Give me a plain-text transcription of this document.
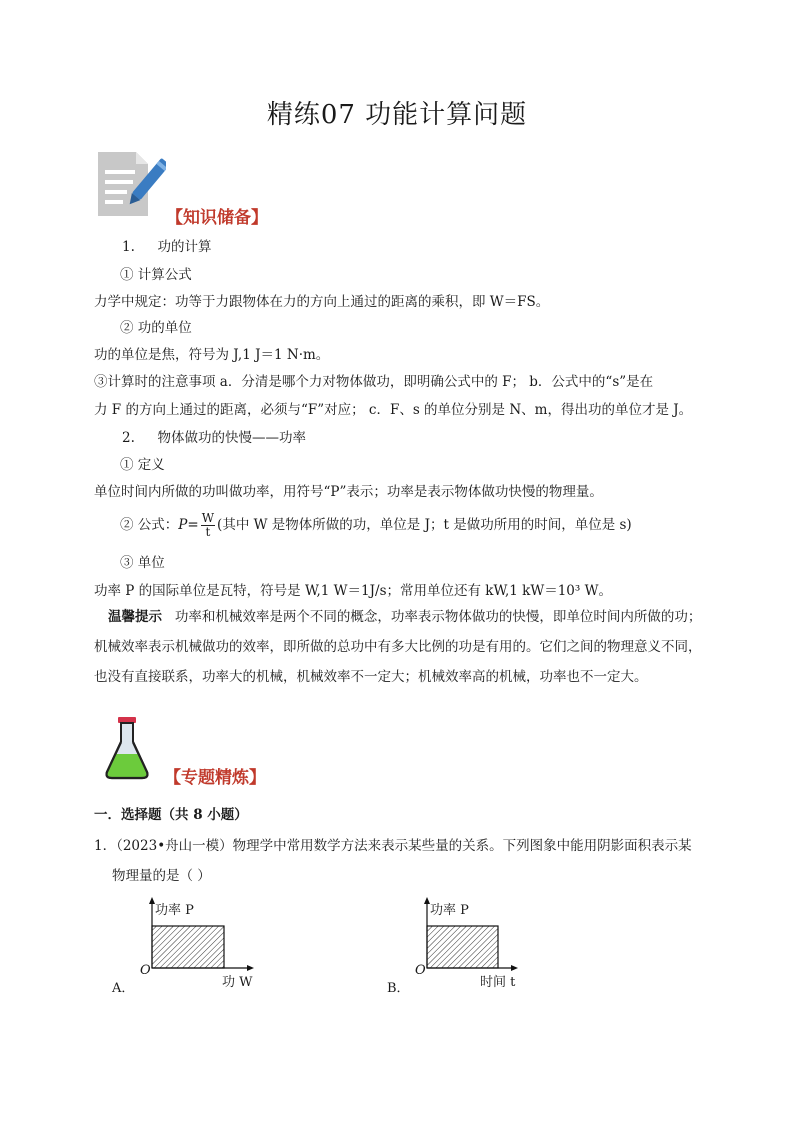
精练07 功能计算问题
【知识储备】
1. 功的计算
① 计算公式
力学中规定：功等于力跟物体在力的方向上通过的距离的乘积，即 W＝FS。
② 功的单位
功的单位是焦，符号为 J,1 J＝1 N·m。
③计算时的注意事项 a．分清是哪个力对物体做功，即明确公式中的 F； b．公式中的“s”是在
力 F 的方向上通过的距离，必须与“F”对应； c．F、s 的单位分别是 N、m，得出功的单位才是 J。
2. 物体做功的快慢——功率
① 定义
单位时间内所做的功叫做功率，用符号“P”表示；功率是表示物体做功快慢的物理量。
② 公式：$P= \frac{W}{t}$ (其中 W 是物体所做的功，单位是 J；t 是做功所用的时间，单位是 s)
③ 单位
功率 P 的国际单位是瓦特，符号是 W,1 W＝1J/s；常用单位还有 kW,1 kW＝10³ W。
温馨提示 功率和机械效率是两个不同的概念，功率表示物体做功的快慢，即单位时间内所做的功；机械效率表示机械做功的效率，即所做的总功中有多大比例的功是有用的。它们之间的物理意义不同，也没有直接联系，功率大的机械，机械效率不一定大；机械效率高的机械，功率也不一定大。
【专题精炼】
一．选择题（共 8 小题）
1．（2023•舟山一模）物理学中常用数学方法来表示某些量的关系。下列图象中能用阴影面积表示某
物理量的是（ ）
功率 P
O
功 W
A．
功率 P
O
时间 t
B．
